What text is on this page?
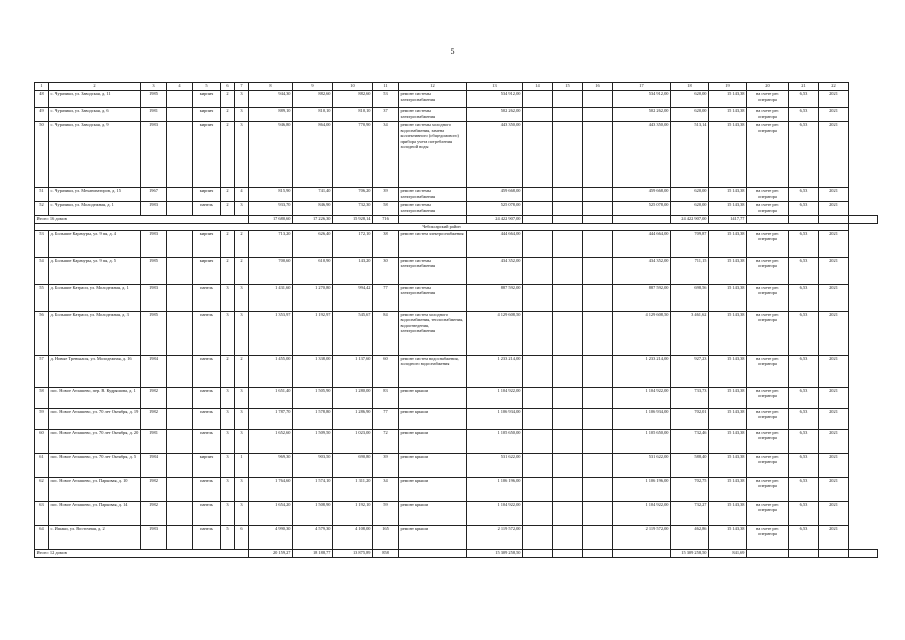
5
1	2	3	4	5	6	7	8	9	10	11	12	13	14	15	16	17	18	19	20	21	22	
48	с. Чурачики, ул. Заводская, д. 11	1985		кирпич	2	3	944,30	882,60	882,60	53	ремонт системы электроснабжения	534 912,00				534 912,00	620,00	15 143,38	на счете рег. оператора	6,53	2021	
49	с. Чурачики, ул. Заводская, д. 6	1981		кирпич	2	3	889,10	810,10	810,10	37	ремонт системы электроснабжения	502 262,00				502 262,00	620,00	15 143,38	на счете рег. оператора	6,53	2021	
50	с. Чурачики, ул. Заводская, д. 9	1983		кирпич	2	3	946,80	864,00	770,90	34	ремонт системы холодного водоснабжения, замена коллективного (общедомового) прибора учета потребления холодной воды	443 350,00				443 350,00	513,14	15 143,38	на счете рег. оператора	6,53	2021	
51	с. Чурачики, ул. Механизаторов, д. 15	1967		кирпич	2	4	815,90	741,40	706,20	39	ремонт системы электроснабжения	459 668,00				459 668,00	620,00	15 143,38	на счете рег. оператора	6,53	2021	
52	с. Чурачики, ул. Молодежная, д. 1	1983		панель	2	3	933,70	846,90	732,30	58	ремонт системы электроснабжения	525 078,00				525 078,00	620,00	15 143,38	на счете рег. оператора	6,53	2021	
Итого: 16 домов							17 680,60	17 226,30	15 928,14	716		24 422 907,00					24 422 907,00	1417,77				
Чебоксарский район																						
53	д. Большие Карачуры, ул. 9 пя, д. 4	1983		кирпич	2	2	713,20	626,40	172,10	38	ремонт систем электроснабжения	444 664,00				444 664,00	709,87	15 143,38	на счете рег. оператора	6,53	2021	
54	д. Большие Карачуры, ул. 9 пя, д. 5	1985		кирпич	2	2	700,60	610,90	143,20	30	ремонт системы электроснабжения	434 352,00				434 352,00	711,15	15 143,38	на счете рег. оператора	6,53	2021	
55	д. Большие Катраси, ул. Молодежная, д. 1	1983		панель	3	3	1 431,60	1 270,80	994,42	77	ремонт системы электроснабжения	887 592,00				887 592,00	698,56	15 143,38	на счете рег. оператора	6,53	2021	
56	д. Большие Катраси, ул. Молодежная, д. 3	1985		панель	3	3	1 353,97	1 192,97	545,67	84	ремонт систем холодного водоснабжения, теплоснабжения, водоотведения, электроснабжения	4 129 608,50				4 129 608,50	3 461,62	15 143,38	на счете рег. оператора	6,53	2021	
57	д. Новые Тренькасы, ул. Молодежная, д. 16	1984		панель	2	2	1 455,00	1 338,00	1 137,60	60	ремонт систем водоснабжения, холодного водоснабжения	1 233 214,00				1 233 214,00	927,23	15 143,38	на счете рег. оператора	6,53	2021	
58	пос. Новое Атлашево, пер. В. Кудряшова, д. 1	1982		панель	3	3	1 651,40	1 505,90	1 280,00	83	ремонт крыши	1 104 922,00				1 104 922,00	733,73	15 143,38	на счете рег. оператора	6,53	2021	
59	пос. Новое Атлашево, ул. 70 лет Октября, д. 19	1982		панель	3	3	1 787,70	1 578,80	1 286,90	77	ремонт крыши	1 106 934,00				1 106 934,00	702,01	15 143,38	на счете рег. оператора	6,53	2021	
60	пос. Новое Атлашево, ул. 70 лет Октября, д. 20	1981		панель	3	3	1 652,60	1 509,50	1 023,00	72	ремонт крыши	1 105 650,00				1 105 650,00	732,46	15 143,38	на счете рег. оператора	6,53	2021	
61	пос. Новое Атлашево, ул. 70 лет Октября, д. 5	1984		кирпич	3	1	969,30	903,50	690,80	39	ремонт крыши	531 622,00				531 622,00	588,40	15 143,38	на счете рег. оператора	6,53	2021	
62	пос. Новое Атлашево, ул. Парковая, д. 10	1982		панель	3	3	1 764,60	1 574,10	1 311,20	34	ремонт крыши	1 106 196,00				1 106 196,00	702,75	15 143,38	на счете рег. оператора	6,53	2021	
63	пос. Новое Атлашево, ул. Парковая, д. 14	1982		панель	3	3	1 654,20	1 508,90	1 192,10	59	ремонт крыши	1 104 922,00				1 104 922,00	732,27	15 143,38	на счете рег. оператора	6,53	2021	
64	с. Ишаки, ул. Восточная, д. 2	1983		панель	5	6	4 990,30	4 579,30	4 108,00	165	ремонт крыши	2 119 572,00				2 119 572,00	462,86	15 143,38	на счете рег. оператора	6,53	2021	
Итого: 12 домов							20 159,27	18 188,77	13 875,89	858		15 309 258,50					15 309 258,50	841,69				
